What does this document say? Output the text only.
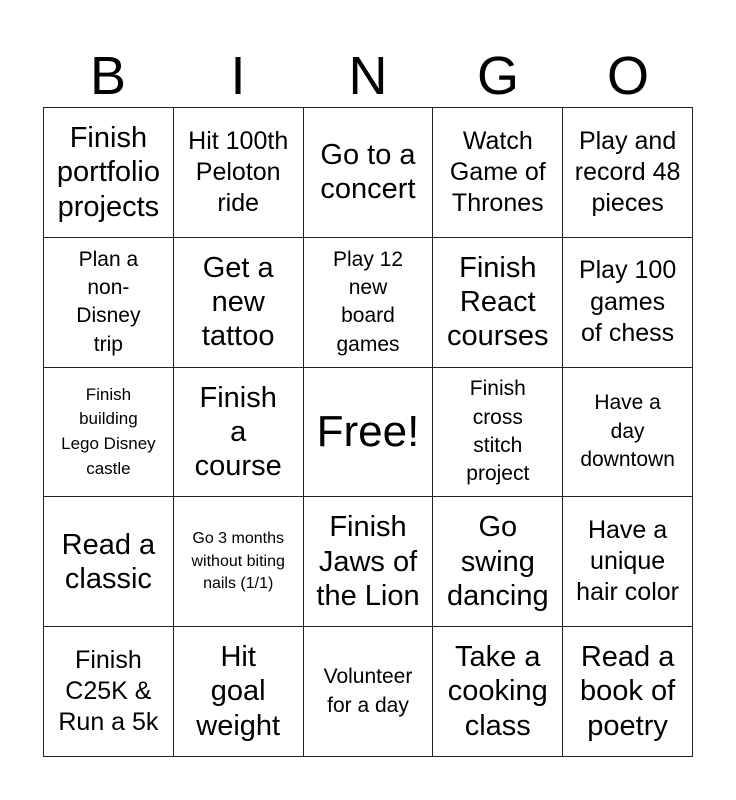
B	I	N	G	O
Finish
portfolio
projects
Hit 100th
Peloton
ride
Go to a
concert
Watch
Game of
Thrones
Play and
record 48
pieces
Plan a
non-
Disney
trip
Get a
new
tattoo
Play 12
new
board
games
Finish
React
courses
Play 100
games
of chess
Finish
building
Lego Disney
castle
Finish
a
course
Free!
Finish
cross
stitch
project
Have a
day
downtown
Read a
classic
Go 3 months
without biting
nails (1/1)
Finish
Jaws of
the Lion
Go
swing
dancing
Have a
unique
hair color
Finish
C25K &
Run a 5k
Hit
goal
weight
Volunteer
for a day
Take a
cooking
class
Read a
book of
poetry
